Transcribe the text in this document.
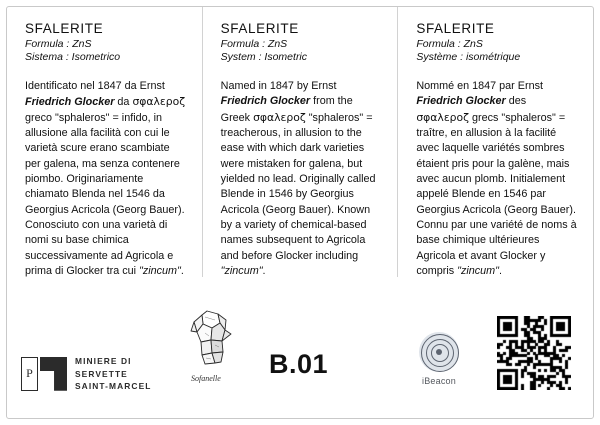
SFALERITE
Formula : ZnS
Sistema : Isometrico
Identificato nel 1847 da Ernst Friedrich Glocker da σφαλερoζ greco "sphaleros" = infido, in allusione alla facilità con cui le varietà scure erano scambiate per galena, ma senza contenere piombo. Originariamente chiamato Blenda nel 1546 da Georgius Acricola (Georg Bauer). Conosciuto con una varietà di nomi su base chimica successivamente ad Agricola e prima di Glocker tra cui "zincum".
SFALERITE
Formula : ZnS
System : Isometric
Named in 1847 by Ernst Friedrich Glocker from the Greek σφαλερoζ "sphaleros" = treacherous, in allusion to the ease with which dark varieties were mistaken for galena, but yielded no lead. Originally called Blende in 1546 by Georgius Acricola (Georg Bauer). Known by a variety of chemical-based names subsequent to Agricola and before Glocker including "zincum".
SFALERITE
Formula : ZnS
Système : isométrique
Nommé en 1847 par Ernst Friedrich Glocker des σφαλερoζ grecs "sphaleros" = traître, en allusion à la facilité avec laquelle variétés sombres étaient pris pour la galène, mais avec aucun plomb. Initialement appelé Blende en 1546 par Georgius Acricola (Georg Bauer). Connu par une variété de noms à base chimique ultérieures Agricola et avant Glocker y compris "zincum".
P
MINIERE DI
SERVETTE
SAINT-MARCEL
Sofanelle B.01
iBeacon
